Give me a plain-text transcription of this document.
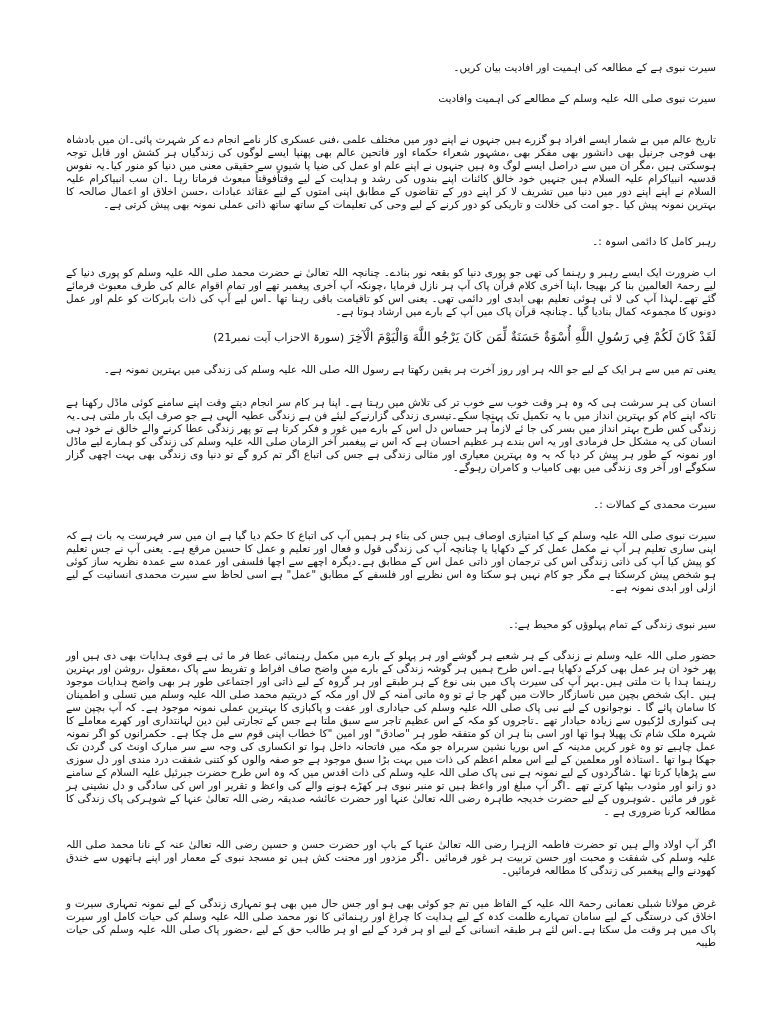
سیرت نبوی ہے کے مطالعہ کی اہمیت اور افادیت بیان کریں۔

سیرت نبوی صلی اللہ علیہ وسلم کے مطالعے کی اہمیت وافادیت

تاریخ عالم میں بے شمار ایسے افراد ہو گزرے ہیں جنہوں نے اپنے دور میں مختلف علمی ،فنی عسکری کار نامے انجام دے کر شہرت پائی۔ان میں بادشاہ بھی فوجی جرنیل بھی دانشور بھی مفکر بھی ،مشہور شعراء حکماء اور فاتحین عالم بھی پھنپا ایسے لوگوں کی زندگیاں ہر کشش اور قابل توجہ ہوسکتی ہیں ،مگر ان میں سے دراصل ایسے لوگ وہ ہیں جنہوں نے اپنے علم او عمل کی ضیا پا شیوں سے حقیقی معنی میں دنیا کو منور کیا۔یہ نفوس قدسیہ انبیاکرام علیہ السلام ہیں جنہیں خود خالق کائنات اپنے بندوں کی رشد و ہدایت کے لیے وقتاًفوقتاً مبعوث فرماتا رہا ۔ان سب انبیاکرام علیہ السلام نے اپنے اپنے دور میں دنیا میں تشریف لا کر اپنے دور کے تقاضوں کے مطابق اپنی امتوں کے لیے عقائد عبادات ،حسن اخلاق او اعمال صالحہ کا بہترین نمونہ پیش کیا ۔جو امت کی خلالت و تاریکی کو دور کرنے کے لیے وحی کی تعلیمات کے ساتھ ساتھ ذاتی عملی نمونہ بھی پیش کرتی ہے۔

رہبر کامل کا دائمی اسوہ :۔

اب ضرورت ایک ایسے رہبر و رہنما کی تھی جو پوری دنیا کو بقعہ نور بنادے۔ چنانچہ اللہ تعالیٰ نے حضرت محمد صلی اللہ علیہ وسلم کو پوری دنیا کے لیے رحمۃ العالمین بنا کر بھیجا ،اپنا آخری کلام قرآن پاک آپ ہر نازل فرمایا ،چونکہ آپ آخری پیغمبر تھے اور تمام اقوام عالم کی طرف معبوث فرمائے گئے تھے۔لہذا آپ کی لا ئی ہوئی تعلیم بھی ابدی اور دائمی تھی۔ یعنی اس کو تاقیامت باقی رہنا تھا ۔اس لیے آپ کی ذات بابرکات کو علم اور عمل دونوں کا مجموعہ کمال بنادیا گیا ۔چنانچہ قرآن پاک میں آپ کے بارے میں ارشاد ہوتا ہے۔

لَقَدْ كَانَ لَكُمْ فِي رَسُولِ اللَّهِ أُسْوَةٌ حَسَنَةٌ لِّمَن كَانَ يَرْجُو اللَّهَ وَالْيَوْمَ الْآخِرَ (سورۃ الاحزاب آیت نمبر21)

یعنی تم میں سے ہر ایک کے لیے جو اللہ ہر اور روز آخرت ہر یقین رکھتا ہے رسول اللہ صلی اللہ علیہ وسلم کی زندگی میں بہترین نمونہ ہے۔

انسان کی ہر سرشت ہی کہ وہ ہر وقت خوب سے خوب تر کی تلاش میں رہتا ہے۔ اپنا ہر کام سر انجام دیتے وقت اپنے سامنے کوئی ماڈل رکھنا ہے تاکہ اپنے کام کو بہترین انداز میں با یہ تکمیل تک پہنچا سکے۔تیسری زندگی گزارنےکے لیئے فن ہے زندگی عطیہ الٰہی ہے جو صرف ایک بار ملتی ہی۔یہ زندگی کس طرح بہتر انداز میں بسر کی جا ئے لازماً ہر حساس دل اس کے بارے میں غور و فکر کرتا ہے تو پھر زندگی عطا کرنے والے خالق نے خود ہی انسان کی یہ مشکل حل فرمادی اور یہ اس بندے ہر عظیم احسان ہے کہ اس نے پیغمبر آخر الزمان صلی اللہ علیہ وسلم کی زندگی کو ہمارے لیے ماڈل اور نمونہ کے طور ہر پیش کر دیا کہ یہ وہ بہترین معیاری اور مثالی زندگی ہے جس کی اتباع اگر تم کرو گے تو دنیا وی زندگی بھی بہت اچھی گزار سکوگے اور آخر وی زندگی میں بھی کامیاب و کامران رہوگے۔

سیرت محمدی کے کمالات :۔

سیرت نبوی صلی اللہ علیہ وسلم کے کیا امتیازی اوصاف ہیں جس کی بناء ہر ہمیں آپ کی اتباع کا حکم دیا گیا ہے ان میں سر فہرست یہ بات ہے کہ اپنی ساری تعلیم ہر آپ نے مکمل عمل کر کے دکھایا یا چنانچہ آپ کی زندگی قول و فعال اور تعلیم و عمل کا حسین مرقع ہے۔ یعنی آپ نے جس تعلیم کو پیش کیا آپ کی ذاتی زندگی اس کی ترجمان اور ذاتی عمل اس کے مطابق ہے۔دیگرہ اچھے سے اچھا فلسفی اور عمدہ سے عمدہ نظریہ ساز کوئی ہو شخص پیش کرسکتا ہے مگر جو کام نہیں ہو سکتا وہ اس نظریے اور فلسفے کے مطابق "عمل" ہے اسی لحاظ سے سیرت محمدی انسانیت کے لیے ازلی اور ابدی نمونہ ہے۔

سیر نبوی زندگی کے تمام پہلوؤں کو محیط ہے:۔

حضور صلی اللہ علیہ وسلم نے زندگی کے ہر شعبے ہر گوشے اور ہر پہلو کے بارے میں مکمل رہنمائی عطا فر ما ئی ہے قوی ہدایات بھی دی ہیں اور پھر خود ان ہر عمل بھی کرکے دکھایا ہے۔اس طرح ہمیں ہر گوشہ زندگی کے بارے میں واضح صاف افراط و تفریط سے پاک ،معقول ،روشن اور بہترین رہنما ہدا یا ت ملتی ہیں۔بہر آپ کی سیرت پاک میں بنی نوع کے ہر طبقے اور ہر گروہ کے لیے ذاتی اور اجتماعی طور ہر بھی واضح ہدایات موجود ہیں ۔ایک شخص بچپن میں ناسازگار حالات میں گھر جا ئے تو وہ ماتی آمنہ کے لال اور مکہ کے دریتیم محمد صلی اللہ علیہ وسلم میں تسلی و اطمینان کا سامان پائے گا ۔ نوجوانوں کے لیے نبی پاک صلی اللہ علیہ وسلم کی حیاداری اور عفت و پاکبازی کا بہترین عملی نمونہ موجود ہے۔ کہ آپ بچپن سے ہی کنواری لڑکیوں سے زیادہ حیادار تھے ۔تاجروں کو مکہ کے اس عظیم تاجر سے سبق ملتا ہے جس کے تجارتی لین دین لہانتداری اور کھرے معاملے کا شہرہ ملک شام تک پھیلا ہوا تھا اور اسی بنا ہر ان کو متفقہ طور ہر "صادق" اور امین "کا خطاب اپنی قوم سے مل چکا ہے۔ حکمرانوں کو اگر نمونہ عمل چاہیے تو وہ غور کریں مدینہ کے اس بوریا نشین سربراہ جو مکہ میں فاتحانہ داخل ہوا تو انکساری کی وجہ سے سر مبارک اونٹ کی گردن تک جھکا ہوا تھا ۔استاذہ اور معلمین کے لیے اس معلم اعظم کی ذات میں بہت بڑا سبق موجود ہے جو صفہ والوں کو کتنی شفقت درد مندی اور دل سوزی سے پڑھایا کرتا تھا ۔شاگردوں کے لیے نمونہ ہے نبی پاک صلی اللہ علیہ وسلم کی ذات اقدس میں کہ وہ اس طرح حضرت جبرئیل علیہ السلام کے سامنے دو زانو اور مئودب بیٹھا کرتے تھے ۔اگر آپ مبلغ اور واعظ ہیں تو منبر نبوی ہر کھڑے ہونے والے کی واعظ و تقریر اور اس کی سادگی و دل نشینی ہر غور فر مائیں ۔شوہروں کے لیے حضرت خدیجہ طاہرہ رضی اللہ تعالیٰ عنہا اور حضرت عائشہ صدیقہ رضی اللہ تعالیٰ عنہا کے شوہرکی پاک زندگی کا مطالعہ کرنا ضروری ہے ۔

اگر آپ اولاد والے ہیں تو حضرت فاطمہ الزہرا رضی اللہ تعالیٰ عنہا کے باپ اور حضرت حسن و حسین رضی اللہ تعالیٰ عنہ کے نانا محمد صلی اللہ علیہ وسلم کی شفقت و محبت اور حسن تربیت ہر غور فرمائیں ۔اگر مزدور اور محنت کش ہیں تو مسجد نبوی کے معمار اور اپنے ہاتھوں سے خندق کھودنے والے پیغمبر کی زندگی کا مطالعہ فرمائیں۔

غرض مولانا شبلی نعمانی رحمۃ اللہ علیہ کے الفاظ میں تم جو کوئی بھی ہو اور جس حال میں بھی ہو تمہاری زندگی کے لیے نمونہ تمہاری سیرت و اخلاق کی درستگی کے لیے سامان تمہارے ظلمت کدہ کے لیے ہدایت کا چراغ اور رہنمائی کا نور محمد صلی اللہ علیہ وسلم کی حیات کامل اور سیرت پاک میں ہر وقت مل سکتا ہے۔اس لئے ہر طبقہ انسانی کے لیے او ہر فرد کے لیے او ہر طالب حق کے لیے ،حضور پاک صلی اللہ علیہ وسلم کی حیات طیبہ
